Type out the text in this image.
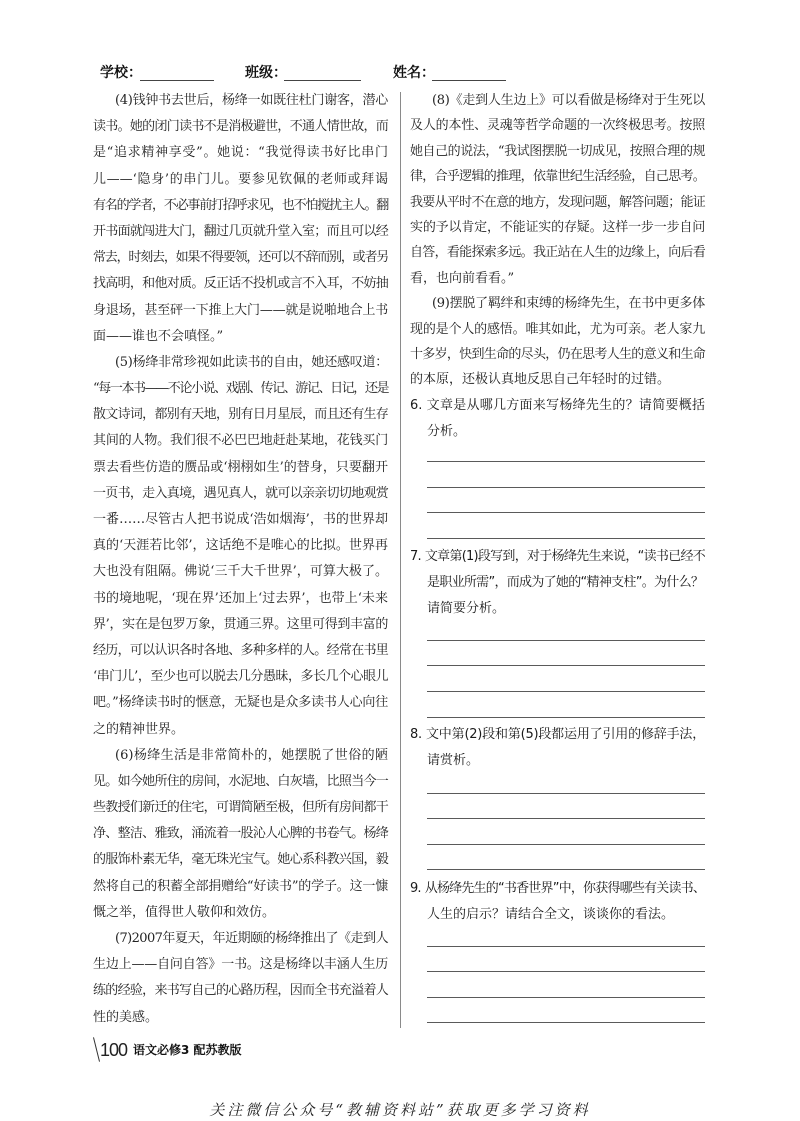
学校：	班级：	姓名：
(4)钱钟书去世后，杨绛一如既往杜门谢客，潜心
读书。她的闭门读书不是消极避世，不通人情世故，而
是“追求精神享受”。她说：“我觉得读书好比串门
儿——‘隐身’的串门儿。要参见钦佩的老师或拜谒
有名的学者，不必事前打招呼求见，也不怕搅扰主人。翻
开书面就闯进大门，翻过几页就升堂入室；而且可以经
常去，时刻去，如果不得要领，还可以不辞而别，或者另
找高明，和他对质。反正话不投机或言不入耳，不妨抽
身退场，甚至砰一下推上大门——就是说啪地合上书
面——谁也不会嗔怪。”
(5)杨绛非常珍视如此读书的自由，她还感叹道：
“每一本书——不论小说、戏剧、传记、游记、日记，还是
散文诗词，都别有天地，别有日月星辰，而且还有生存
其间的人物。我们很不必巴巴地赶赴某地，花钱买门
票去看些仿造的赝品或‘栩栩如生’的替身，只要翻开
一页书，走入真境，遇见真人，就可以亲亲切切地观赏
一番……尽管古人把书说成‘浩如烟海’，书的世界却
真的‘天涯若比邻’，这话绝不是唯心的比拟。世界再
大也没有阻隔。佛说‘三千大千世界’，可算大极了。
书的境地呢，‘现在界’还加上‘过去界’，也带上‘未来
界’，实在是包罗万象，贯通三界。这里可得到丰富的
经历，可以认识各时各地、多种多样的人。经常在书里
‘串门儿’，至少也可以脱去几分愚昧，多长几个心眼儿
吧。”杨绛读书时的惬意，无疑也是众多读书人心向往
之的精神世界。
(6)杨绛生活是非常简朴的，她摆脱了世俗的陋
见。如今她所住的房间，水泥地、白灰墙，比照当今一
些教授们新迁的住宅，可谓简陋至极，但所有房间都干
净、整洁、雅致，涌流着一股沁人心脾的书卷气。杨绛
的服饰朴素无华，毫无珠光宝气。她心系科教兴国，毅
然将自己的积蓄全部捐赠给“好读书”的学子。这一慷
慨之举，值得世人敬仰和效仿。
(7)2007年夏天，年近期颐的杨绛推出了《走到人
生边上——自问自答》一书。这是杨绛以丰涵人生历
练的经验，来书写自己的心路历程，因而全书充溢着人
性的美感。
(8)《走到人生边上》可以看做是杨绛对于生死以
及人的本性、灵魂等哲学命题的一次终极思考。按照
她自己的说法，“我试图摆脱一切成见，按照合理的规
律，合乎逻辑的推理，依靠世纪生活经验，自己思考。
我要从平时不在意的地方，发现问题，解答问题；能证
实的予以肯定，不能证实的存疑。这样一步一步自问
自答，看能探索多远。我正站在人生的边缘上，向后看
看，也向前看看。”
(9)摆脱了羁绊和束缚的杨绛先生，在书中更多体
现的是个人的感悟。唯其如此，尤为可亲。老人家九
十多岁，快到生命的尽头，仍在思考人生的意义和生命
的本原，还极认真地反思自己年轻时的过错。
6. 文章是从哪几方面来写杨绛先生的？请简要概括
分析。
7. 文章第(1)段写到，对于杨绛先生来说，“读书已经不
是职业所需”，而成为了她的“精神支柱”。为什么？
请简要分析。
8. 文中第(2)段和第(5)段都运用了引用的修辞手法，
请赏析。
9. 从杨绛先生的“书香世界”中，你获得哪些有关读书、
人生的启示？请结合全文，谈谈你的看法。
100 语文必修3 配苏教版
关注微信公众号“教辅资料站”获取更多学习资料
